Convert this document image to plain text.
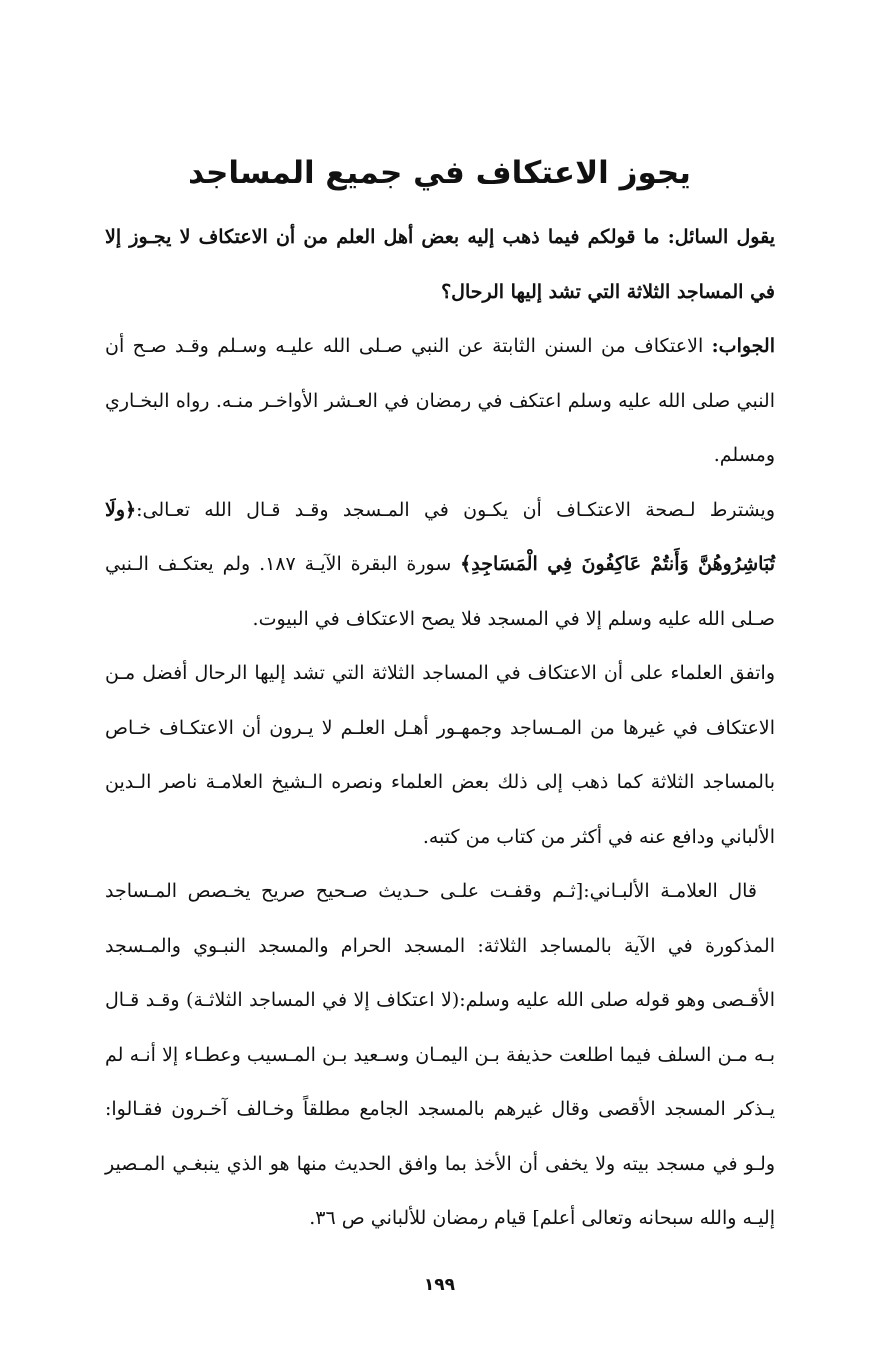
يجوز الاعتكاف في جميع المساجد

يقول السائل: ما قولكم فيما ذهب إليه بعض أهل العلم من أن الاعتكاف لا يجـوز إلا في المساجد الثلاثة التي تشد إليها الرحال؟

الجواب: الاعتكاف من السنن الثابتة عن النبي صـلى الله عليـه وسـلم وقـد صـح أن النبي صلى الله عليه وسلم اعتكف في رمضان في العـشر الأواخـر منـه. رواه البخـاري ومسلم.

ويشترط لـصحة الاعتكـاف أن يكـون في المـسجد وقـد قـال الله تعـالى:﴿ولَا تُبَاشِرُوهُنَّ وَأَنتُمْ عَاكِفُونَ فِي الْمَسَاجِدِ﴾ سورة البقرة الآيـة ١٨٧. ولم يعتكـف الـنبي صـلى الله عليه وسلم إلا في المسجد فلا يصح الاعتكاف في البيوت.

واتفق العلماء على أن الاعتكاف في المساجد الثلاثة التي تشد إليها الرحال أفضل مـن الاعتكاف في غيرها من المـساجد وجمهـور أهـل العلـم لا يـرون أن الاعتكـاف خـاص بالمساجد الثلاثة كما ذهب إلى ذلك بعض العلماء ونصره الـشيخ العلامـة ناصر الـدين الألباني ودافع عنه في أكثر من كتاب من كتبه.

قال العلامـة الألبـاني:[ثـم وقفـت علـى حـديث صـحيح صريح يخـصص المـساجد المذكورة في الآية بالمساجد الثلاثة: المسجد الحرام والمسجد النبـوي والمـسجد الأقـصى وهو قوله صلى الله عليه وسلم:(لا اعتكاف إلا في المساجد الثلاثـة) وقـد قـال بـه مـن السلف فيما اطلعت حذيفة بـن اليمـان وسـعيد بـن المـسيب وعطـاء إلا أنـه لم يـذكر المسجد الأقصى وقال غيرهم بالمسجد الجامع مطلقاً وخـالف آخـرون فقـالوا: ولـو في مسجد بيته ولا يخفى أن الأخذ بما وافق الحديث منها هو الذي ينبغـي المـصير إليـه والله سبحانه وتعالى أعلم] قيام رمضان للألباني ص ٣٦.

١٩٩
